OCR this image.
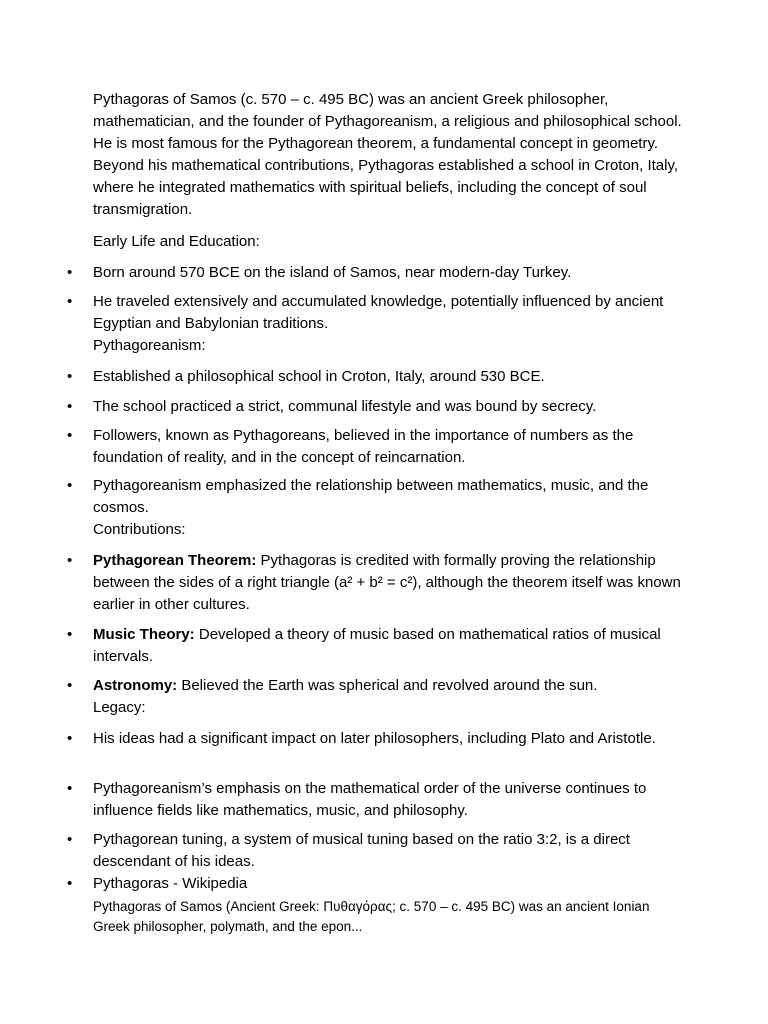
Pythagoras of Samos (c. 570 – c. 495 BC) was an ancient Greek philosopher, mathematician, and the founder of Pythagoreanism, a religious and philosophical school. He is most famous for the Pythagorean theorem, a fundamental concept in geometry. Beyond his mathematical contributions, Pythagoras established a school in Croton, Italy, where he integrated mathematics with spiritual beliefs, including the concept of soul transmigration.

Early Life and Education:

• Born around 570 BCE on the island of Samos, near modern-day Turkey.
• He traveled extensively and accumulated knowledge, potentially influenced by ancient Egyptian and Babylonian traditions.
Pythagoreanism:
• Established a philosophical school in Croton, Italy, around 530 BCE.
• The school practiced a strict, communal lifestyle and was bound by secrecy.
• Followers, known as Pythagoreans, believed in the importance of numbers as the foundation of reality, and in the concept of reincarnation.
• Pythagoreanism emphasized the relationship between mathematics, music, and the cosmos.
Contributions:
• Pythagorean Theorem: Pythagoras is credited with formally proving the relationship between the sides of a right triangle (a² + b² = c²), although the theorem itself was known earlier in other cultures.
• Music Theory: Developed a theory of music based on mathematical ratios of musical intervals.
• Astronomy: Believed the Earth was spherical and revolved around the sun.
Legacy:
• His ideas had a significant impact on later philosophers, including Plato and Aristotle.
• Pythagoreanism’s emphasis on the mathematical order of the universe continues to influence fields like mathematics, music, and philosophy.
• Pythagorean tuning, a system of musical tuning based on the ratio 3:2, is a direct descendant of his ideas.
• Pythagoras - Wikipedia
Pythagoras of Samos (Ancient Greek: Πυθαγόρας; c. 570 – c. 495 BC) was an ancient Ionian Greek philosopher, polymath, and the epon...
